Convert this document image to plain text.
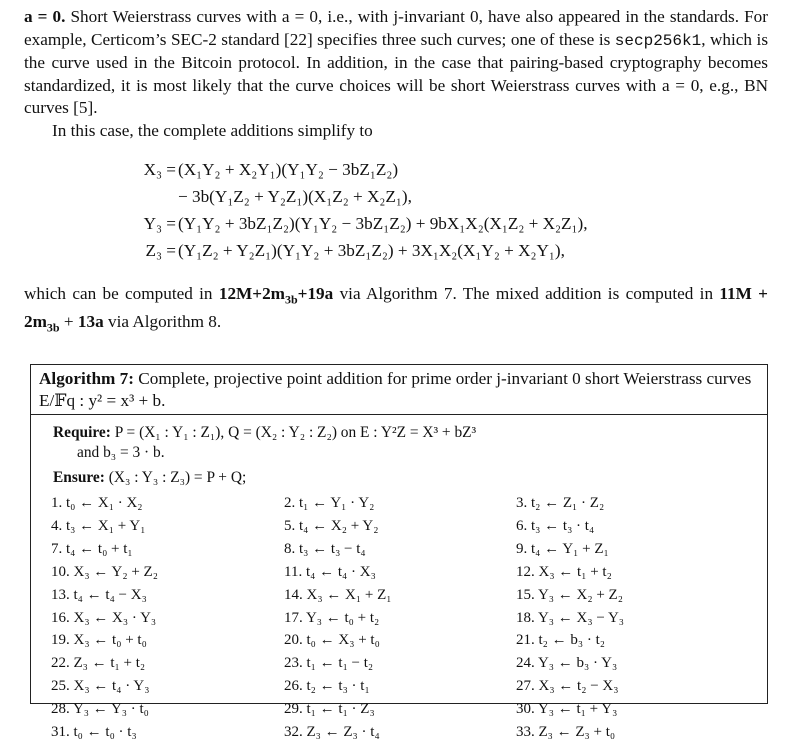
a = 0. Short Weierstrass curves with a = 0, i.e., with j-invariant 0, have also appeared in the standards. For example, Certicom’s SEC-2 standard [22] specifies three such curves; one of these is secp256k1, which is the curve used in the Bitcoin protocol. In addition, in the case that pairing-based cryptography becomes standardized, it is most likely that the curve choices will be short Weierstrass curves with a = 0, e.g., BN curves [5].
In this case, the complete additions simplify to
X₃ = (X₁Y₂ + X₂Y₁)(Y₁Y₂ − 3bZ₁Z₂)
− 3b(Y₁Z₂ + Y₂Z₁)(X₁Z₂ + X₂Z₁),
Y₃ = (Y₁Y₂ + 3bZ₁Z₂)(Y₁Y₂ − 3bZ₁Z₂) + 9bX₁X₂(X₁Z₂ + X₂Z₁),
Z₃ = (Y₁Z₂ + Y₂Z₁)(Y₁Y₂ + 3bZ₁Z₂) + 3X₁X₂(X₁Y₂ + X₂Y₁),
which can be computed in $12M+2m_{3b}+19a$ via Algorithm 7. The mixed addition is computed in $11M + 2m_{3b} + 13a$ via Algorithm 8.
Algorithm 7: Complete, projective point addition for prime order j-invariant 0 short Weierstrass curves E/𝔽q : y² = x³ + b.
Require: P = (X₁ : Y₁ : Z₁), Q = (X₂ : Y₂ : Z₂) on E : Y²Z = X³ + bZ³
and b₃ = 3 · b.
Ensure: (X₃ : Y₃ : Z₃) = P + Q;
1. t₀ ← X₁ · X₂	2. t₁ ← Y₁ · Y₂	3. t₂ ← Z₁ · Z₂
4. t₃ ← X₁ + Y₁	5. t₄ ← X₂ + Y₂	6. t₃ ← t₃ · t₄
7. t₄ ← t₀ + t₁	8. t₃ ← t₃ − t₄	9. t₄ ← Y₁ + Z₁
10. X₃ ← Y₂ + Z₂	11. t₄ ← t₄ · X₃	12. X₃ ← t₁ + t₂
13. t₄ ← t₄ − X₃	14. X₃ ← X₁ + Z₁	15. Y₃ ← X₂ + Z₂
16. X₃ ← X₃ · Y₃	17. Y₃ ← t₀ + t₂	18. Y₃ ← X₃ − Y₃
19. X₃ ← t₀ + t₀	20. t₀ ← X₃ + t₀	21. t₂ ← b₃ · t₂
22. Z₃ ← t₁ + t₂	23. t₁ ← t₁ − t₂	24. Y₃ ← b₃ · Y₃
25. X₃ ← t₄ · Y₃	26. t₂ ← t₃ · t₁	27. X₃ ← t₂ − X₃
28. Y₃ ← Y₃ · t₀	29. t₁ ← t₁ · Z₃	30. Y₃ ← t₁ + Y₃
31. t₀ ← t₀ · t₃	32. Z₃ ← Z₃ · t₄	33. Z₃ ← Z₃ + t₀
